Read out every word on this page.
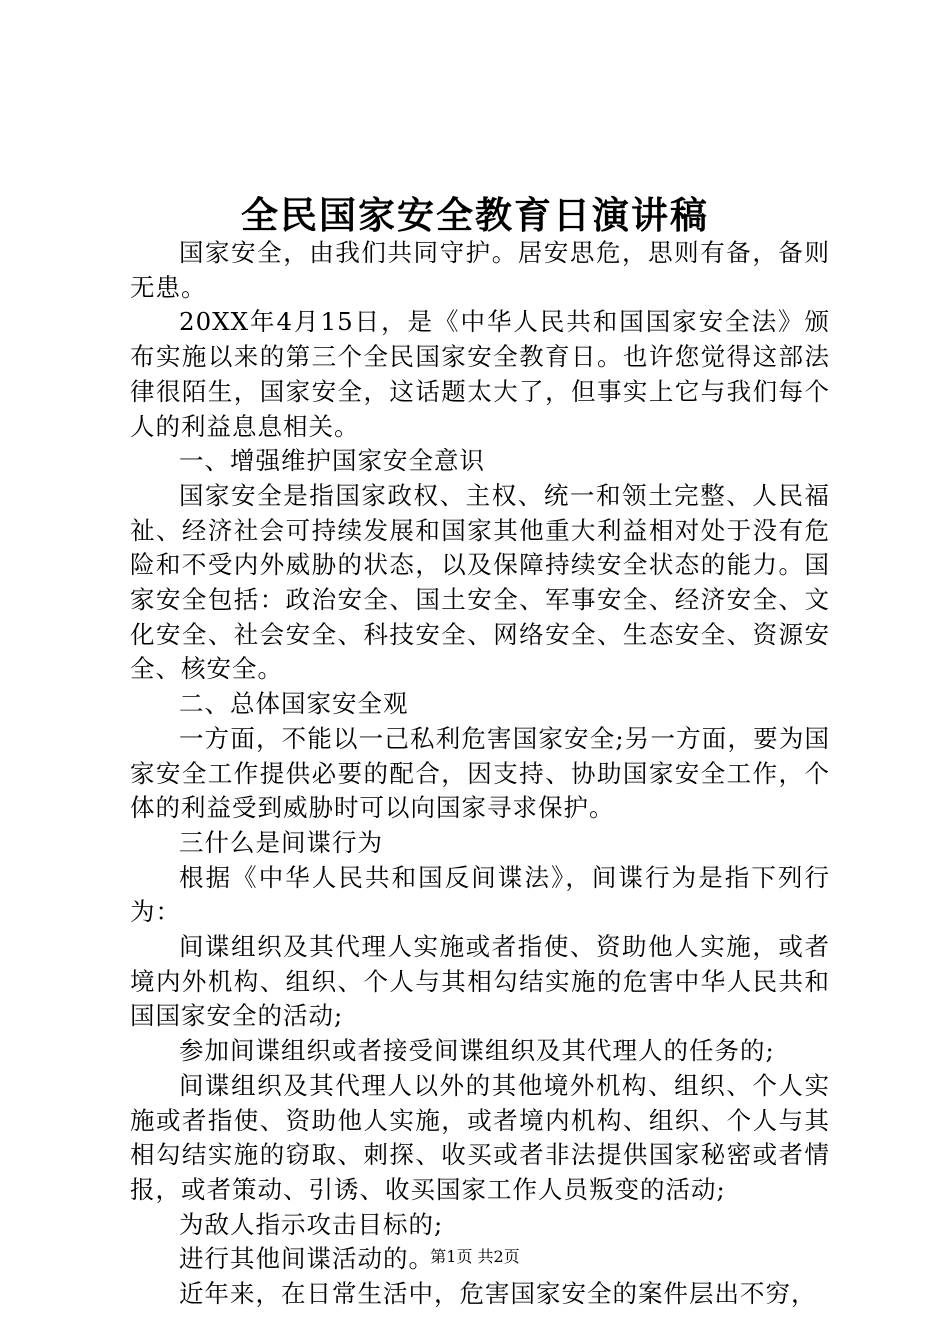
全民国家安全教育日演讲稿

国家安全，由我们共同守护。居安思危，思则有备，备则无患。

20XX年4月15日，是《中华人民共和国国家安全法》颁布实施以来的第三个全民国家安全教育日。也许您觉得这部法律很陌生，国家安全，这话题太大了，但事实上它与我们每个人的利益息息相关。

一、增强维护国家安全意识

国家安全是指国家政权、主权、统一和领土完整、人民福祉、经济社会可持续发展和国家其他重大利益相对处于没有危险和不受内外威胁的状态，以及保障持续安全状态的能力。国家安全包括：政治安全、国土安全、军事安全、经济安全、文化安全、社会安全、科技安全、网络安全、生态安全、资源安全、核安全。

二、总体国家安全观

一方面，不能以一己私利危害国家安全;另一方面，要为国家安全工作提供必要的配合，因支持、协助国家安全工作，个体的利益受到威胁时可以向国家寻求保护。

三什么是间谍行为

根据《中华人民共和国反间谍法》，间谍行为是指下列行为：

间谍组织及其代理人实施或者指使、资助他人实施，或者境内外机构、组织、个人与其相勾结实施的危害中华人民共和国国家安全的活动;

参加间谍组织或者接受间谍组织及其代理人的任务的;

间谍组织及其代理人以外的其他境外机构、组织、个人实施或者指使、资助他人实施，或者境内机构、组织、个人与其相勾结实施的窃取、刺探、收买或者非法提供国家秘密或者情报，或者策动、引诱、收买国家工作人员叛变的活动;

为敌人指示攻击目标的;

进行其他间谍活动的。

近年来，在日常生活中，危害国家安全的案件层出不穷，

第1页 共2页
